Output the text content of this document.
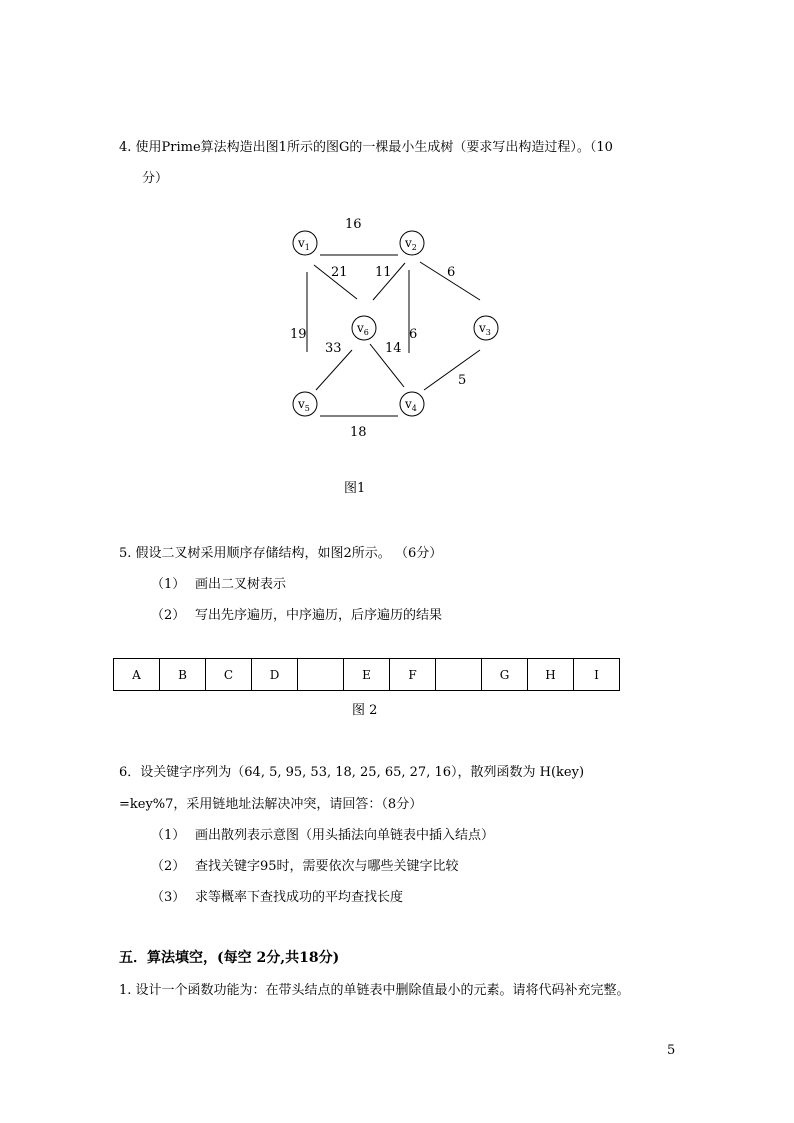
4. 使用Prime算法构造出图1所示的图G的一棵最小生成树（要求写出构造过程）。（10
分）
$v_1$	$v_2$
$v_3$
$v_4$
$v_5$
$v_6$
16
21 11	6
19	6
33	14
5
18
图1
5. 假设二叉树采用顺序存储结构，如图2所示。 （6分）
（1） 画出二叉树表示
（2） 写出先序遍历，中序遍历，后序遍历的结果
A	B	C	D		E	F		G	H	I
图 2
6．设关键字序列为（64, 5, 95, 53, 18, 25, 65, 27, 16），散列函数为 H(key)
=key%7，采用链地址法解决冲突，请回答：（8分）
（1） 画出散列表示意图（用头插法向单链表中插入结点）
（2） 查找关键字95时，需要依次与哪些关键字比较
（3） 求等概率下查找成功的平均查找长度
五．算法填空，(每空 2分,共18分)
1. 设计一个函数功能为：在带头结点的单链表中删除值最小的元素。请将代码补充完整。
5
